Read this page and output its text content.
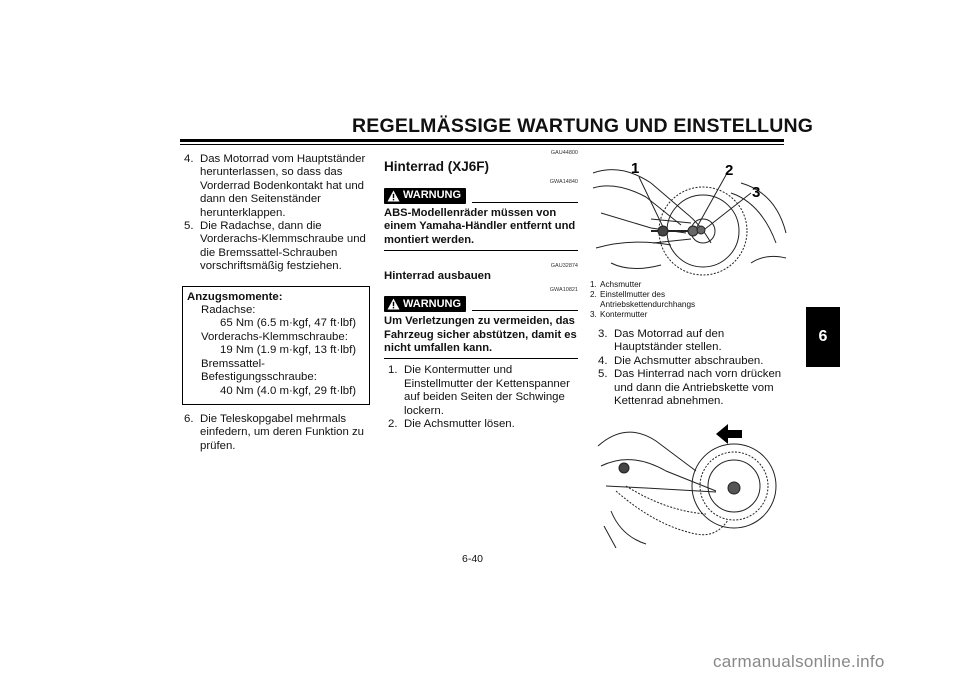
REGELMÄSSIGE WARTUNG UND EINSTELLUNG
6
4. Das Motorrad vom Hauptständer herunterlassen, so dass das Vorderrad Bodenkontakt hat und dann den Seitenständer herunterklappen.
5. Die Radachse, dann die Vorderachs-Klemmschraube und die Bremssattel-Schrauben vorschriftsmäßig festziehen.
Anzugsmomente:
Radachse:
65 Nm (6.5 m·kgf, 47 ft·lbf)
Vorderachs-Klemmschraube:
19 Nm (1.9 m·kgf, 13 ft·lbf)
Bremssattel-Befestigungsschraube:
40 Nm (4.0 m·kgf, 29 ft·lbf)
6. Die Teleskopgabel mehrmals einfedern, um deren Funktion zu prüfen.
GAU44800
Hinterrad (XJ6F)
GWA14840
WARNUNG
ABS-Modellenräder müssen von einem Yamaha-Händler entfernt und montiert werden.
GAU32874
Hinterrad ausbauen
GWA10821
WARNUNG
Um Verletzungen zu vermeiden, das Fahrzeug sicher abstützen, damit es nicht umfallen kann.
1. Die Kontermutter und Einstellmutter der Kettenspanner auf beiden Seiten der Schwinge lockern.
2. Die Achsmutter lösen.
1	2
3
1. Achsmutter
2. Einstellmutter des Antriebskettendurchhangs
3. Kontermutter
3. Das Motorrad auf den Hauptständer stellen.
4. Die Achsmutter abschrauben.
5. Das Hinterrad nach vorn drücken und dann die Antriebskette vom Kettenrad abnehmen.
6-40
carmanualsonline.info
